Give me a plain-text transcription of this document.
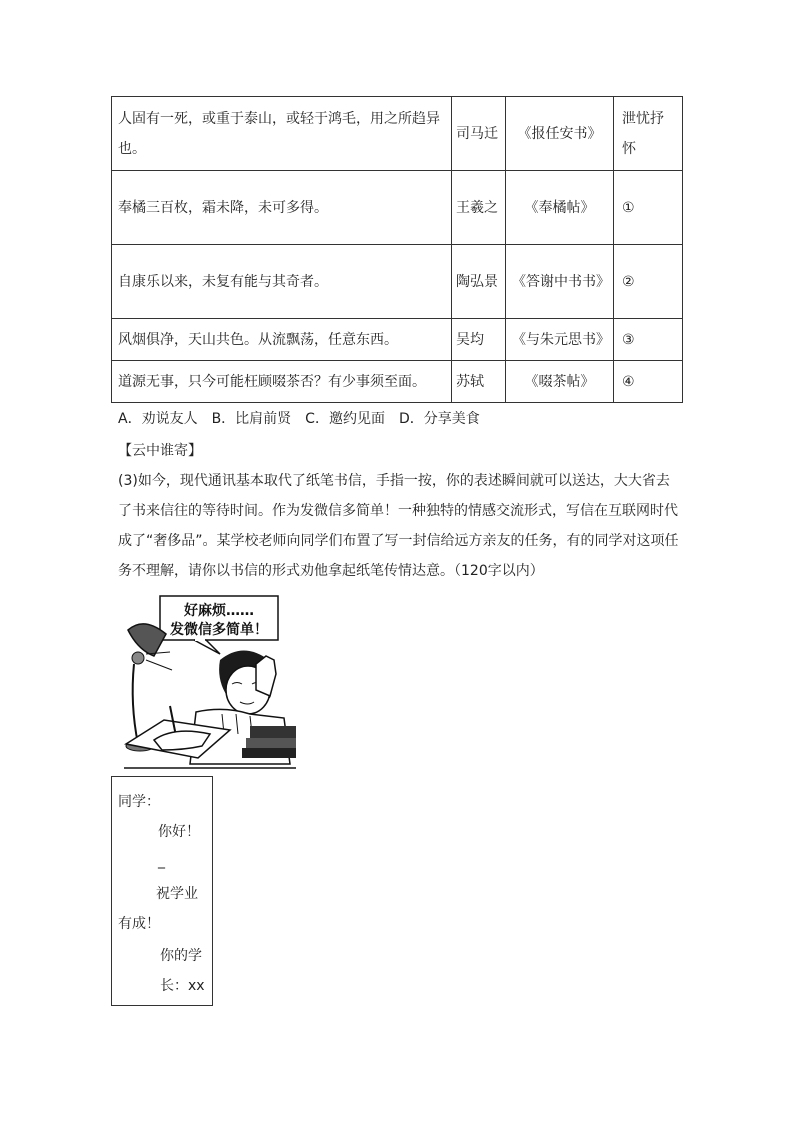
人固有一死，或重于泰山，或轻于鸿毛，用之所趋异也。	司马迁	《报任安书》	泄忧抒怀
奉橘三百枚，霜未降，未可多得。	王羲之	《奉橘帖》	①
自康乐以来，未复有能与其奇者。	陶弘景	《答谢中书书》	②
风烟俱净，天山共色。从流飘荡，任意东西。	吴均	《与朱元思书》	③
道源无事，只今可能枉顾啜茶否？有少事须至面。	苏轼	《啜茶帖》	④
A．劝说友人　B．比肩前贤　C．邀约见面　D．分享美食
【云中谁寄】
(3)如今，现代通讯基本取代了纸笔书信，手指一按，你的表述瞬间就可以送达，大大省去了书来信往的等待时间。作为发微信多简单！一种独特的情感交流形式，写信在互联网时代成了“奢侈品”。某学校老师向同学们布置了写一封信给远方亲友的任务，有的同学对这项任务不理解，请你以书信的形式劝他拿起纸笔传情达意。（120字以内）
好麻烦……
发微信多简单！
同学：
你好！
_
祝学业
有成！
你的学
长：xx
